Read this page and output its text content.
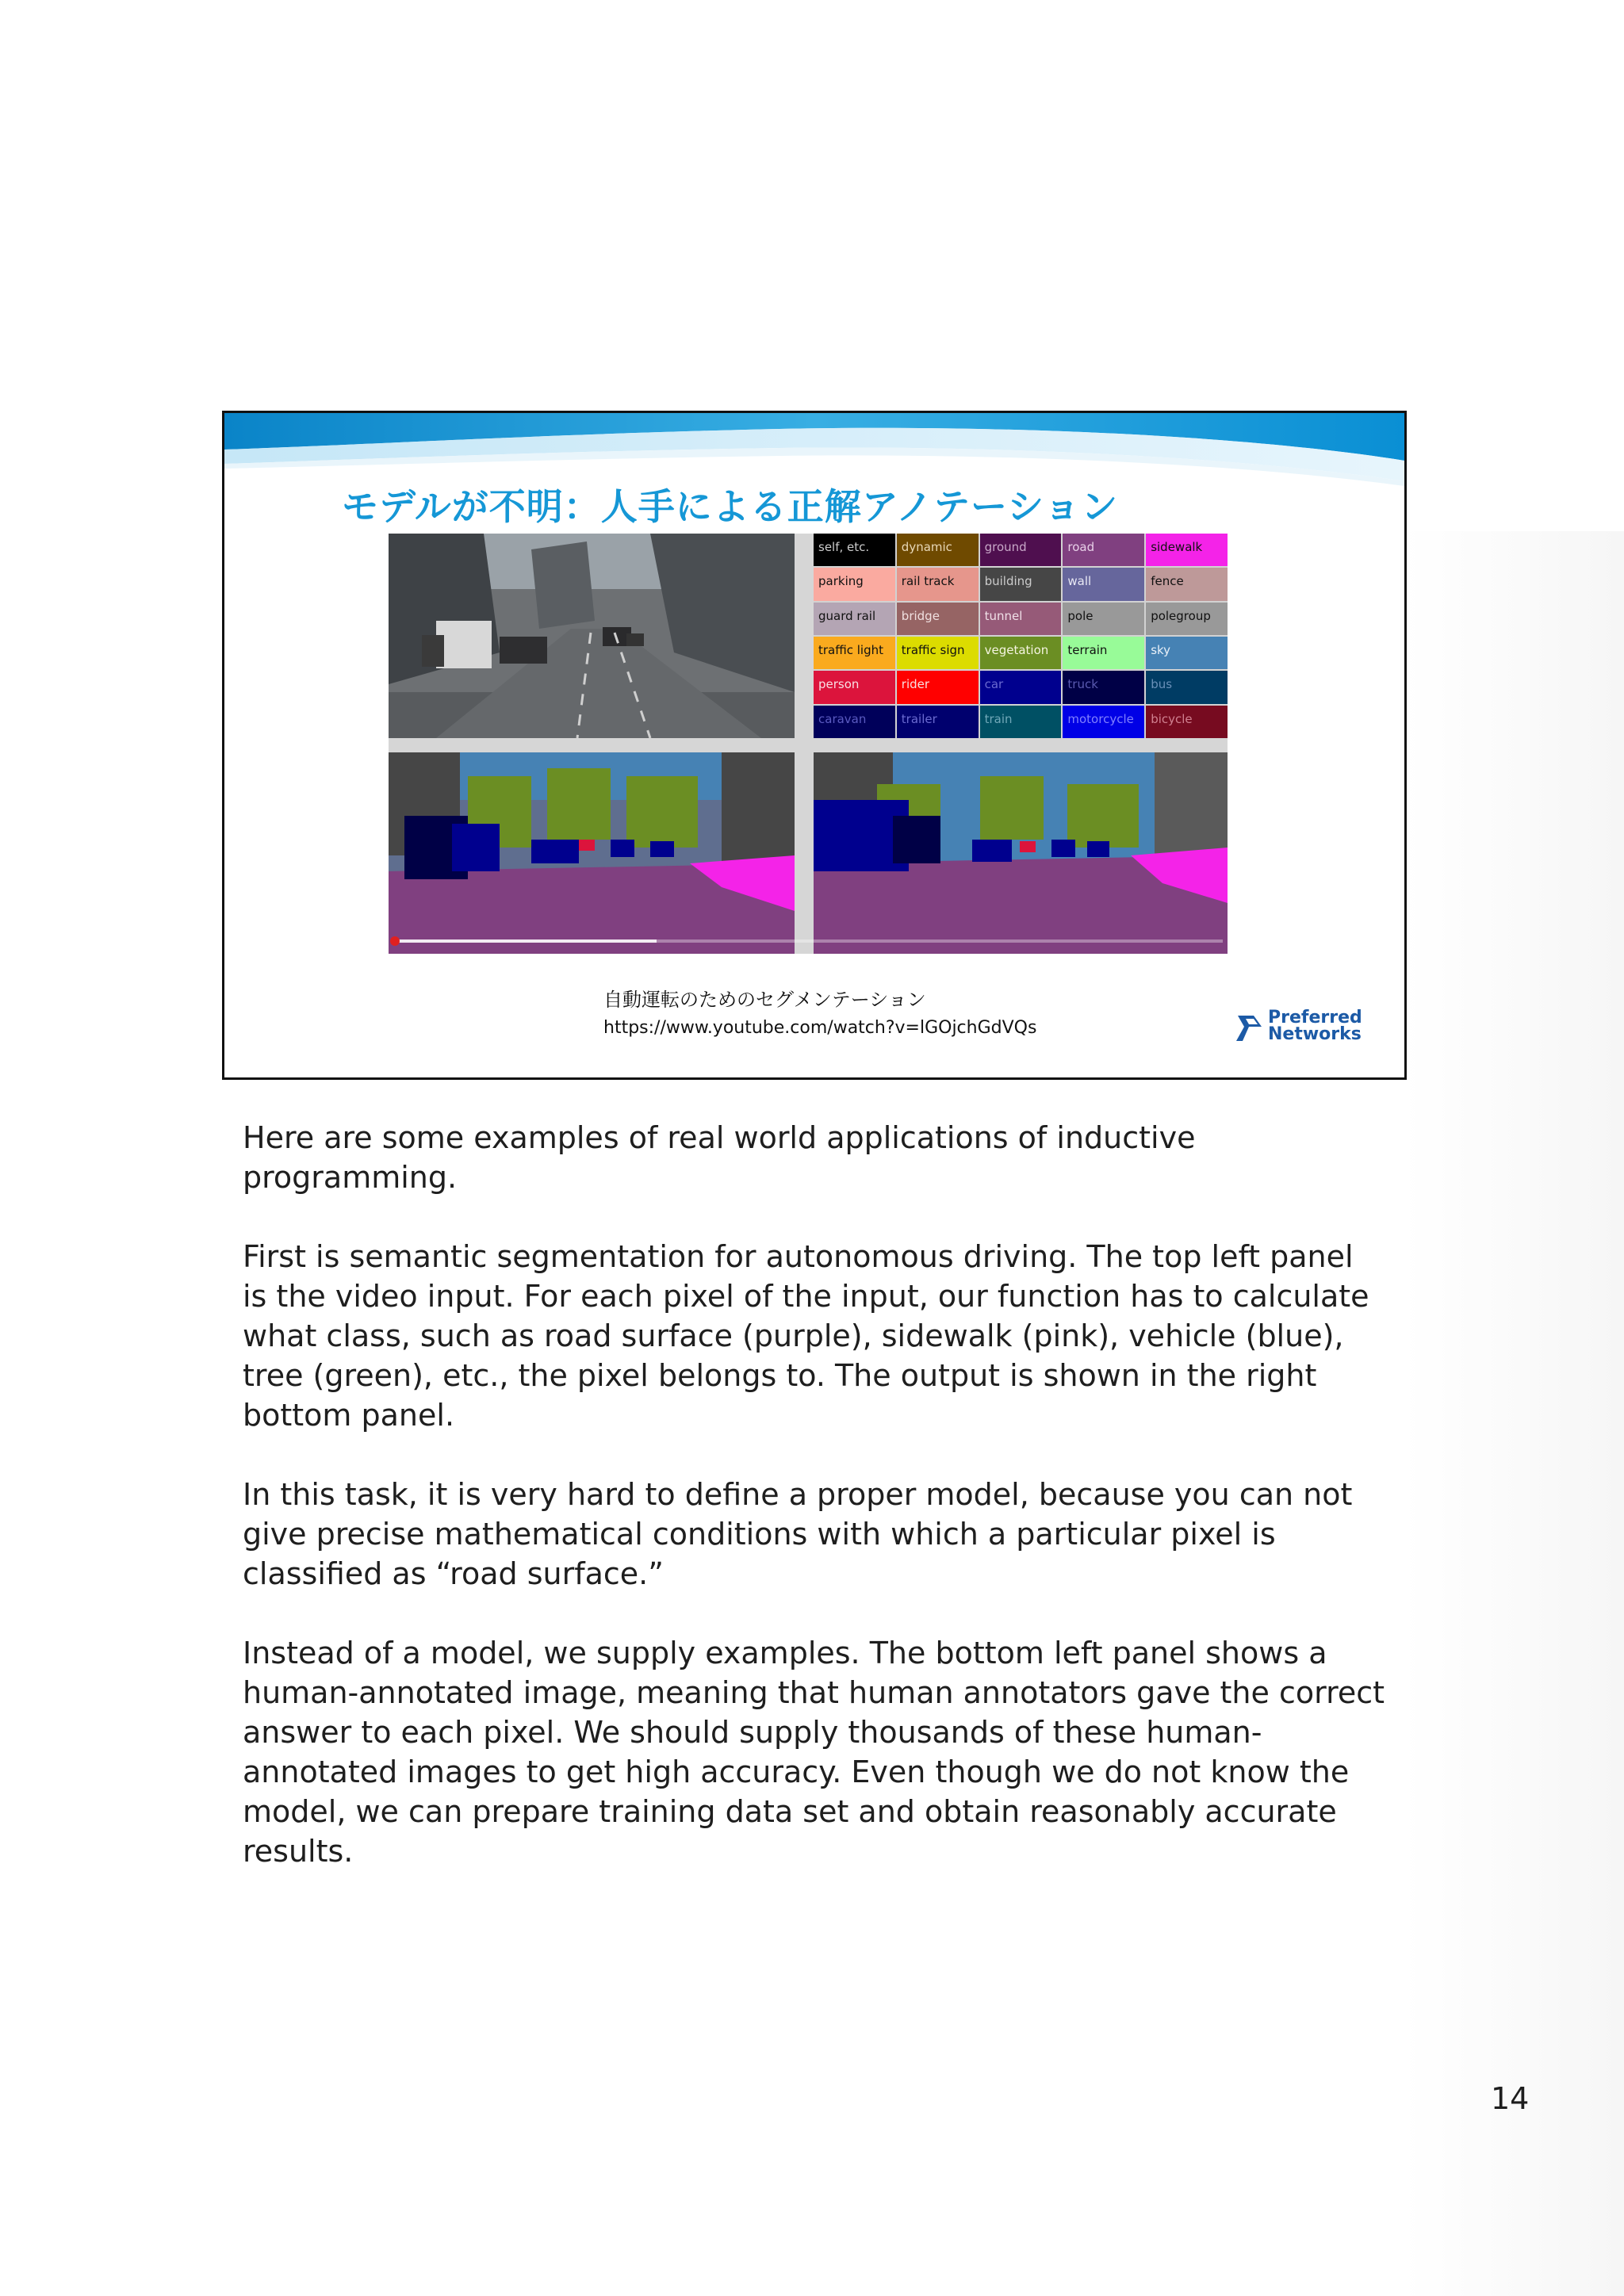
モデルが不明：人手による正解アノテーション
self, etc.	dynamic	ground	road	sidewalk
parking	rail track	building	wall	fence
guard rail	bridge	tunnel	pole	polegroup
traffic light	traffic sign	vegetation	terrain	sky
person	rider	car	truck	bus
caravan	trailer	train	motorcycle	bicycle
自動運転のためのセグメンテーション
https://www.youtube.com/watch?v=lGOjchGdVQs
Preferred
Networks

Here are some examples of real world applications of inductive
programming.

First is semantic segmentation for autonomous driving. The top left panel
is the video input. For each pixel of the input, our function has to calculate
what class, such as road surface (purple), sidewalk (pink), vehicle (blue),
tree (green), etc., the pixel belongs to. The output is shown in the right
bottom panel.

In this task, it is very hard to define a proper model, because you can not
give precise mathematical conditions with which a particular pixel is
classified as “road surface.”

Instead of a model, we supply examples. The bottom left panel shows a
human-annotated image, meaning that human annotators gave the correct
answer to each pixel. We should supply thousands of these human-
annotated images to get high accuracy. Even though we do not know the
model, we can prepare training data set and obtain reasonably accurate
results.

14
